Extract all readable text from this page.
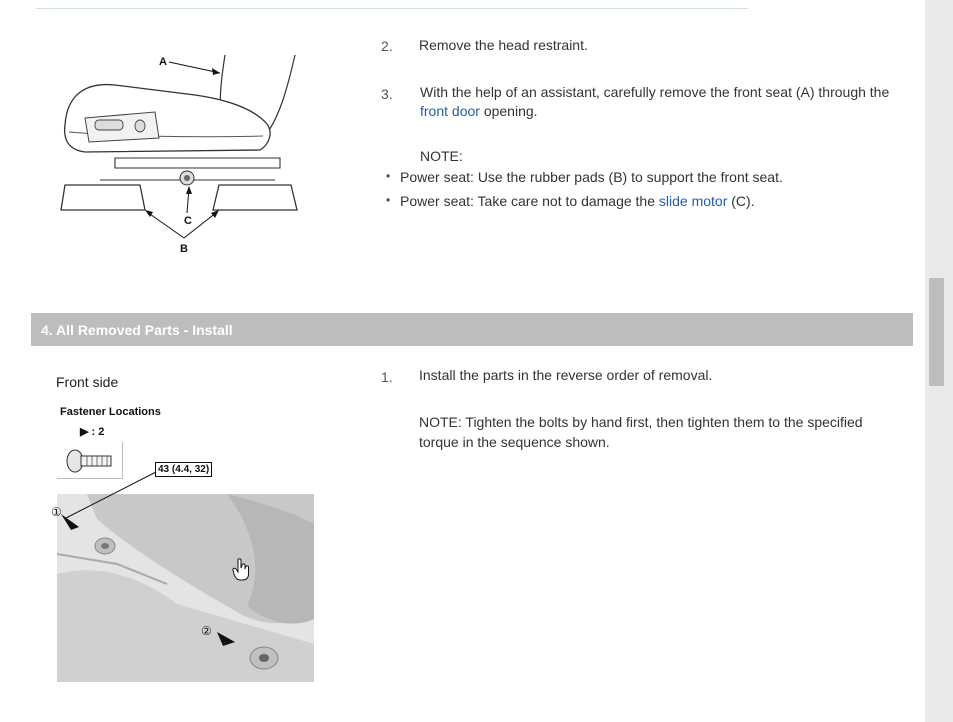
A
C
B
2. Remove the head restraint.
3. With the help of an assistant, carefully remove the front seat (A) through the
front door opening.
NOTE:
• Power seat: Use the rubber pads (B) to support the front seat.
• Power seat: Take care not to damage the slide motor (C).
4. All Removed Parts - Install
Front side
Fastener Locations
▶ : 2
43 (4.4, 32)
①
②
1. Install the parts in the reverse order of removal.
NOTE: Tighten the bolts by hand first, then tighten them to the specified torque in the sequence shown.
